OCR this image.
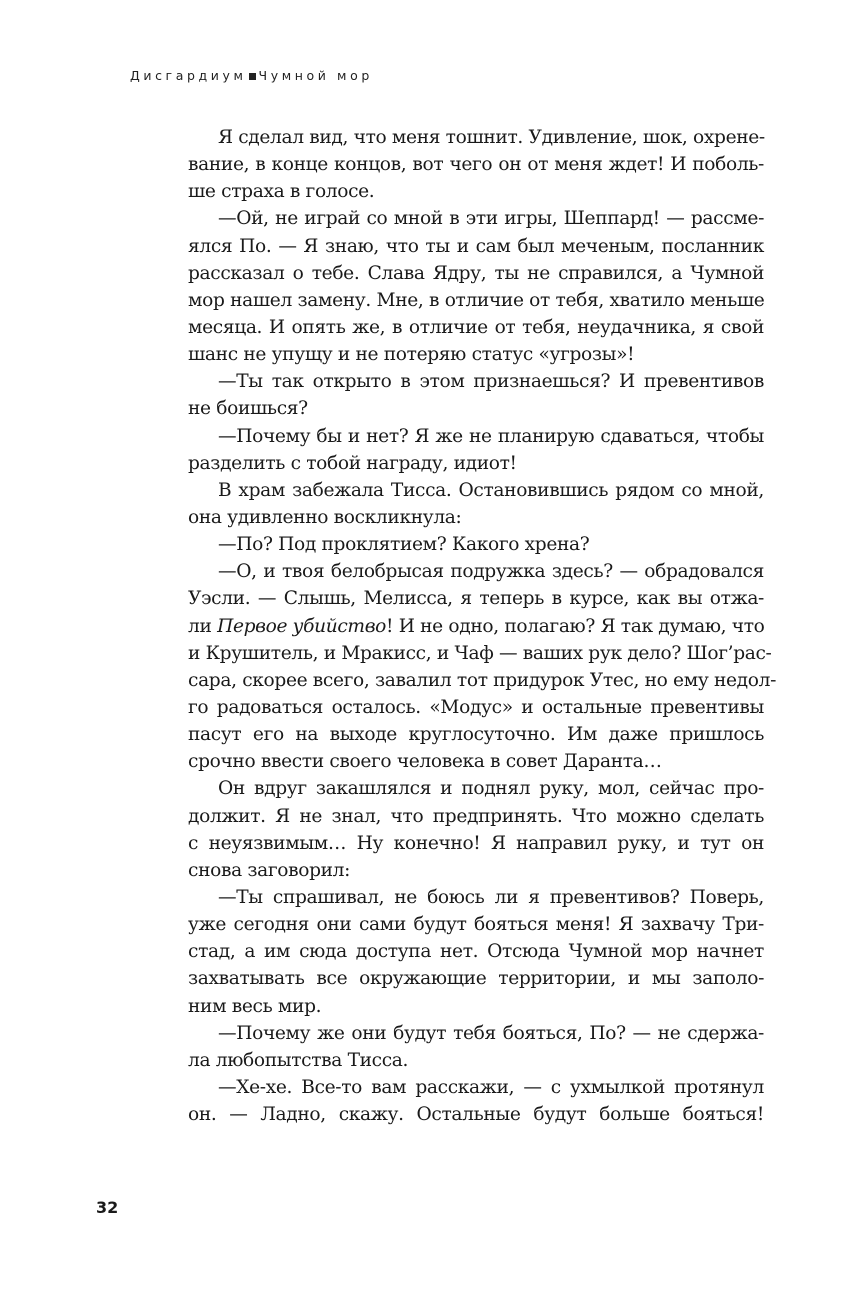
Дисгардиум Чумной мор
Я сделал вид, что меня тошнит. Удивление, шок, охрене-
вание, в конце концов, вот чего он от меня ждет! И поболь-
ше страха в голосе.
—Ой, не играй со мной в эти игры, Шеппард! — рассме-
ялся По. — Я знаю, что ты и сам был меченым, посланник
рассказал о тебе. Слава Ядру, ты не справился, а Чумной
мор нашел замену. Мне, в отличие от тебя, хватило меньше
месяца. И опять же, в отличие от тебя, неудачника, я свой
шанс не упущу и не потеряю статус «угрозы»!
—Ты так открыто в этом признаешься? И превентивов
не боишься?
—Почему бы и нет? Я же не планирую сдаваться, чтобы
разделить с тобой награду, идиот!
В храм забежала Тисса. Остановившись рядом со мной,
она удивленно воскликнула:
—По? Под проклятием? Какого хрена?
—О, и твоя белобрысая подружка здесь? — обрадовался
Уэсли. — Слышь, Мелисса, я теперь в курсе, как вы отжа-
ли Первое убийство! И не одно, полагаю? Я так думаю, что
и Крушитель, и Мракисс, и Чаф — ваших рук дело? Шог’рас-
сара, скорее всего, завалил тот придурок Утес, но ему недол-
го радоваться осталось. «Модус» и остальные превентивы
пасут его на выходе круглосуточно. Им даже пришлось
срочно ввести своего человека в совет Даранта…
Он вдруг закашлялся и поднял руку, мол, сейчас про-
должит. Я не знал, что предпринять. Что можно сделать
с неуязвимым… Ну конечно! Я направил руку, и тут он
снова заговорил:
—Ты спрашивал, не боюсь ли я превентивов? Поверь,
уже сегодня они сами будут бояться меня! Я захвачу Три-
стад, а им сюда доступа нет. Отсюда Чумной мор начнет
захватывать все окружающие территории, и мы заполо-
ним весь мир.
—Почему же они будут тебя бояться, По? — не сдержа-
ла любопытства Тисса.
—Хе-хе. Все-то вам расскажи, — с ухмылкой протянул
он. — Ладно, скажу. Остальные будут больше бояться!
32
